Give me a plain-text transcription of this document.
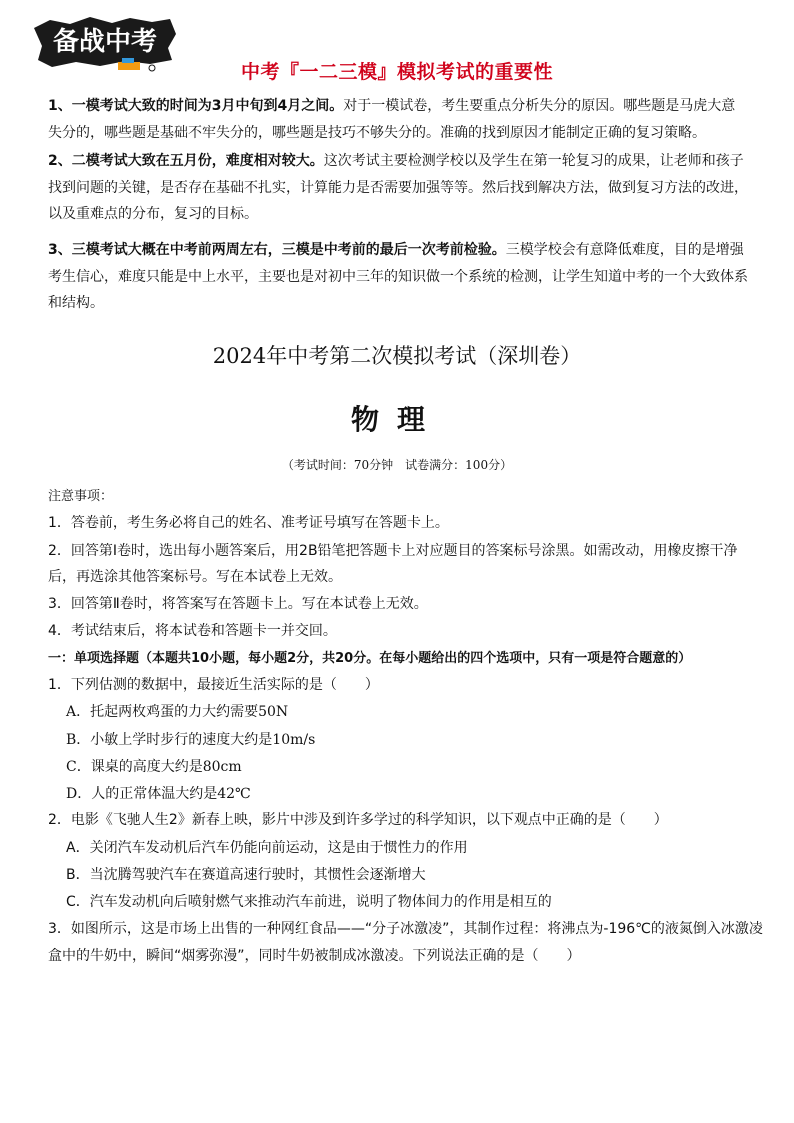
备战中考
中考『一二三模』模拟考试的重要性
1、一模考试大致的时间为3月中旬到4月之间。对于一模试卷，考生要重点分析失分的原因。哪些题是马虎大意
失分的，哪些题是基础不牢失分的，哪些题是技巧不够失分的。准确的找到原因才能制定正确的复习策略。
2、二模考试大致在五月份，难度相对较大。这次考试主要检测学校以及学生在第一轮复习的成果，让老师和孩子
找到问题的关键，是否存在基础不扎实，计算能力是否需要加强等等。然后找到解决方法，做到复习方法的改进，
以及重难点的分布，复习的目标。
3、三模考试大概在中考前两周左右，三模是中考前的最后一次考前检验。三模学校会有意降低难度，目的是增强
考生信心，难度只能是中上水平，主要也是对初中三年的知识做一个系统的检测，让学生知道中考的一个大致体系
和结构。
2024年中考第二次模拟考试（深圳卷）
物理
（考试时间：70分钟　试卷满分：100分）
注意事项：
1．答卷前，考生务必将自己的姓名、准考证号填写在答题卡上。
2．回答第Ⅰ卷时，选出每小题答案后，用2B铅笔把答题卡上对应题目的答案标号涂黑。如需改动，用橡皮擦干净
后，再选涂其他答案标号。写在本试卷上无效。
3．回答第Ⅱ卷时，将答案写在答题卡上。写在本试卷上无效。
4．考试结束后，将本试卷和答题卡一并交回。
一：单项选择题（本题共10小题，每小题2分，共20分。在每小题给出的四个选项中，只有一项是符合题意的）
1．下列估测的数据中，最接近生活实际的是（　　）
A．托起两枚鸡蛋的力大约需要50N
B．小敏上学时步行的速度大约是10m/s
C．课桌的高度大约是80cm
D．人的正常体温大约是42℃
2．电影《飞驰人生2》新春上映，影片中涉及到许多学过的科学知识，以下观点中正确的是（　　）
A．关闭汽车发动机后汽车仍能向前运动，这是由于惯性力的作用
B．当沈腾驾驶汽车在赛道高速行驶时，其惯性会逐渐增大
C．汽车发动机向后喷射燃气来推动汽车前进，说明了物体间力的作用是相互的
3．如图所示，这是市场上出售的一种网红食品——“分子冰激凌”，其制作过程：将沸点为-196℃的液氮倒入冰激凌
盒中的牛奶中，瞬间“烟雾弥漫”，同时牛奶被制成冰激凌。下列说法正确的是（　　）
